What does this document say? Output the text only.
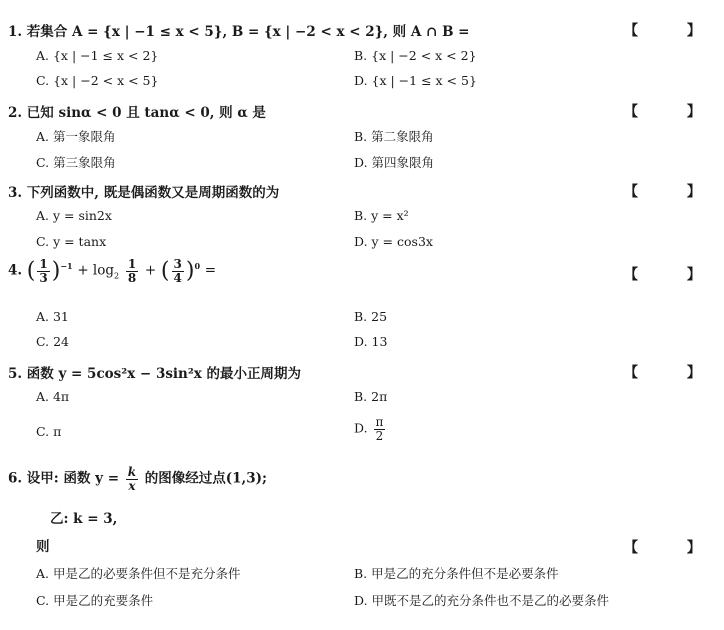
1. 若集合 A = {x | −1 ≤ x < 5}, B = {x | −2 < x < 2}, 则 A ∩ B =	【 】
A. {x | −1 ≤ x < 2}	B. {x | −2 < x < 2}
C. {x | −2 < x < 5}	D. {x | −1 ≤ x < 5}
2. 已知 sinα < 0 且 tanα < 0, 则 α 是	【 】
A. 第一象限角	B. 第二象限角
C. 第三象限角	D. 第四象限角
3. 下列函数中, 既是偶函数又是周期函数的为	【 】
A. y = sin2x	B. y = x²
C. y = tanx	D. y = cos3x
4. ( $\frac{1}{3} )^{-1} + \log_2 \frac{1}{8}$ + ( $\frac{3}{4} )^0$ =	【 】
A. 31	B. 25
C. 24	D. 13
5. 函数 y = 5cos²x − 3sin²x 的最小正周期为	【 】
A. 4π	B. 2π
C. π	D. $\frac{\pi}{2}$
6. 设甲: 函数 $y = \frac{k}{x}$ 的图像经过点(1,3);
乙: k = 3,
则	【 】
A. 甲是乙的必要条件但不是充分条件	B. 甲是乙的充分条件但不是必要条件
C. 甲是乙的充要条件	D. 甲既不是乙的充分条件也不是乙的必要条件
